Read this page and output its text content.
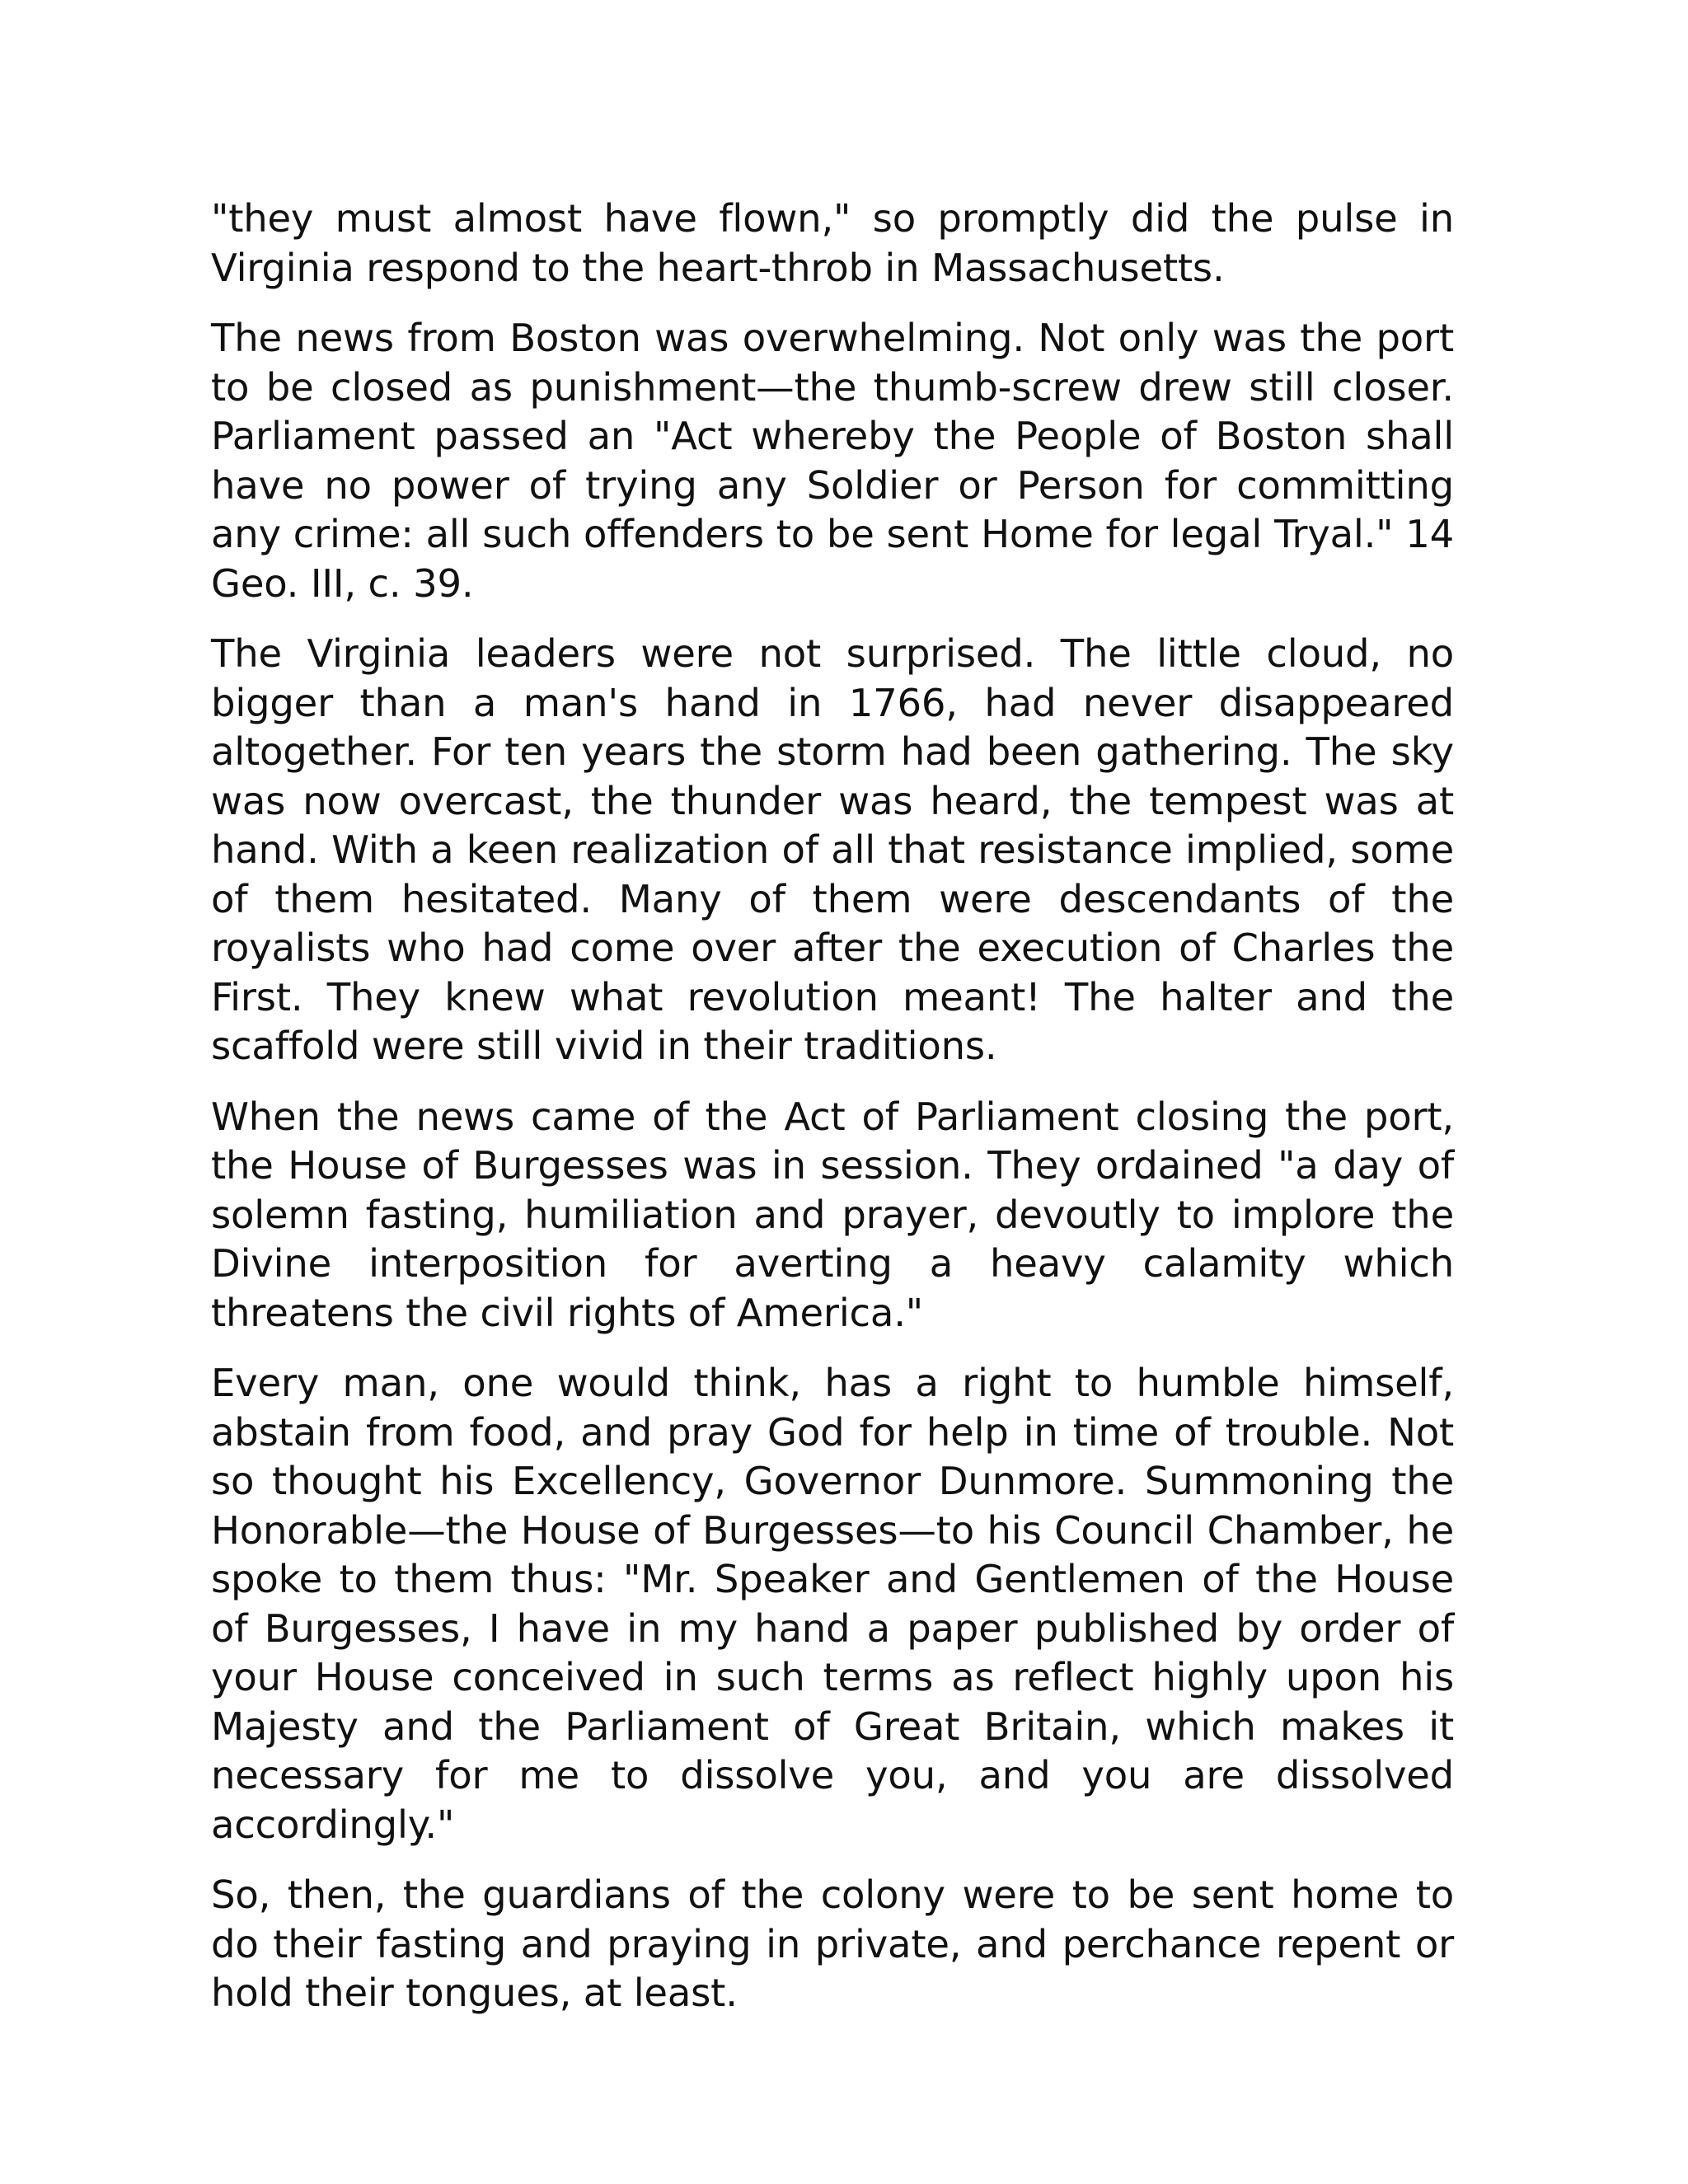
"they must almost have flown," so promptly did the pulse in Virginia respond to the heart-throb in Massachusetts.

The news from Boston was overwhelming. Not only was the port to be closed as punishment—the thumb-screw drew still closer. Parliament passed an "Act whereby the People of Boston shall have no power of trying any Soldier or Person for committing any crime: all such offenders to be sent Home for legal Tryal." 14 Geo. III, c. 39.

The Virginia leaders were not surprised. The little cloud, no bigger than a man's hand in 1766, had never disappeared altogether. For ten years the storm had been gathering. The sky was now overcast, the thunder was heard, the tempest was at hand. With a keen realization of all that resistance implied, some of them hesitated. Many of them were descendants of the royalists who had come over after the execution of Charles the First. They knew what revolution meant! The halter and the scaffold were still vivid in their traditions.

When the news came of the Act of Parliament closing the port, the House of Burgesses was in session. They ordained "a day of solemn fasting, humiliation and prayer, devoutly to implore the Divine interposition for averting a heavy calamity which threatens the civil rights of America."

Every man, one would think, has a right to humble himself, abstain from food, and pray God for help in time of trouble. Not so thought his Excellency, Governor Dunmore. Summoning the Honorable—the House of Burgesses—to his Council Chamber, he spoke to them thus: "Mr. Speaker and Gentlemen of the House of Burgesses, I have in my hand a paper published by order of your House conceived in such terms as reflect highly upon his Majesty and the Parliament of Great Britain, which makes it necessary for me to dissolve you, and you are dissolved accordingly."

So, then, the guardians of the colony were to be sent home to do their fasting and praying in private, and perchance repent or hold their tongues, at least.
